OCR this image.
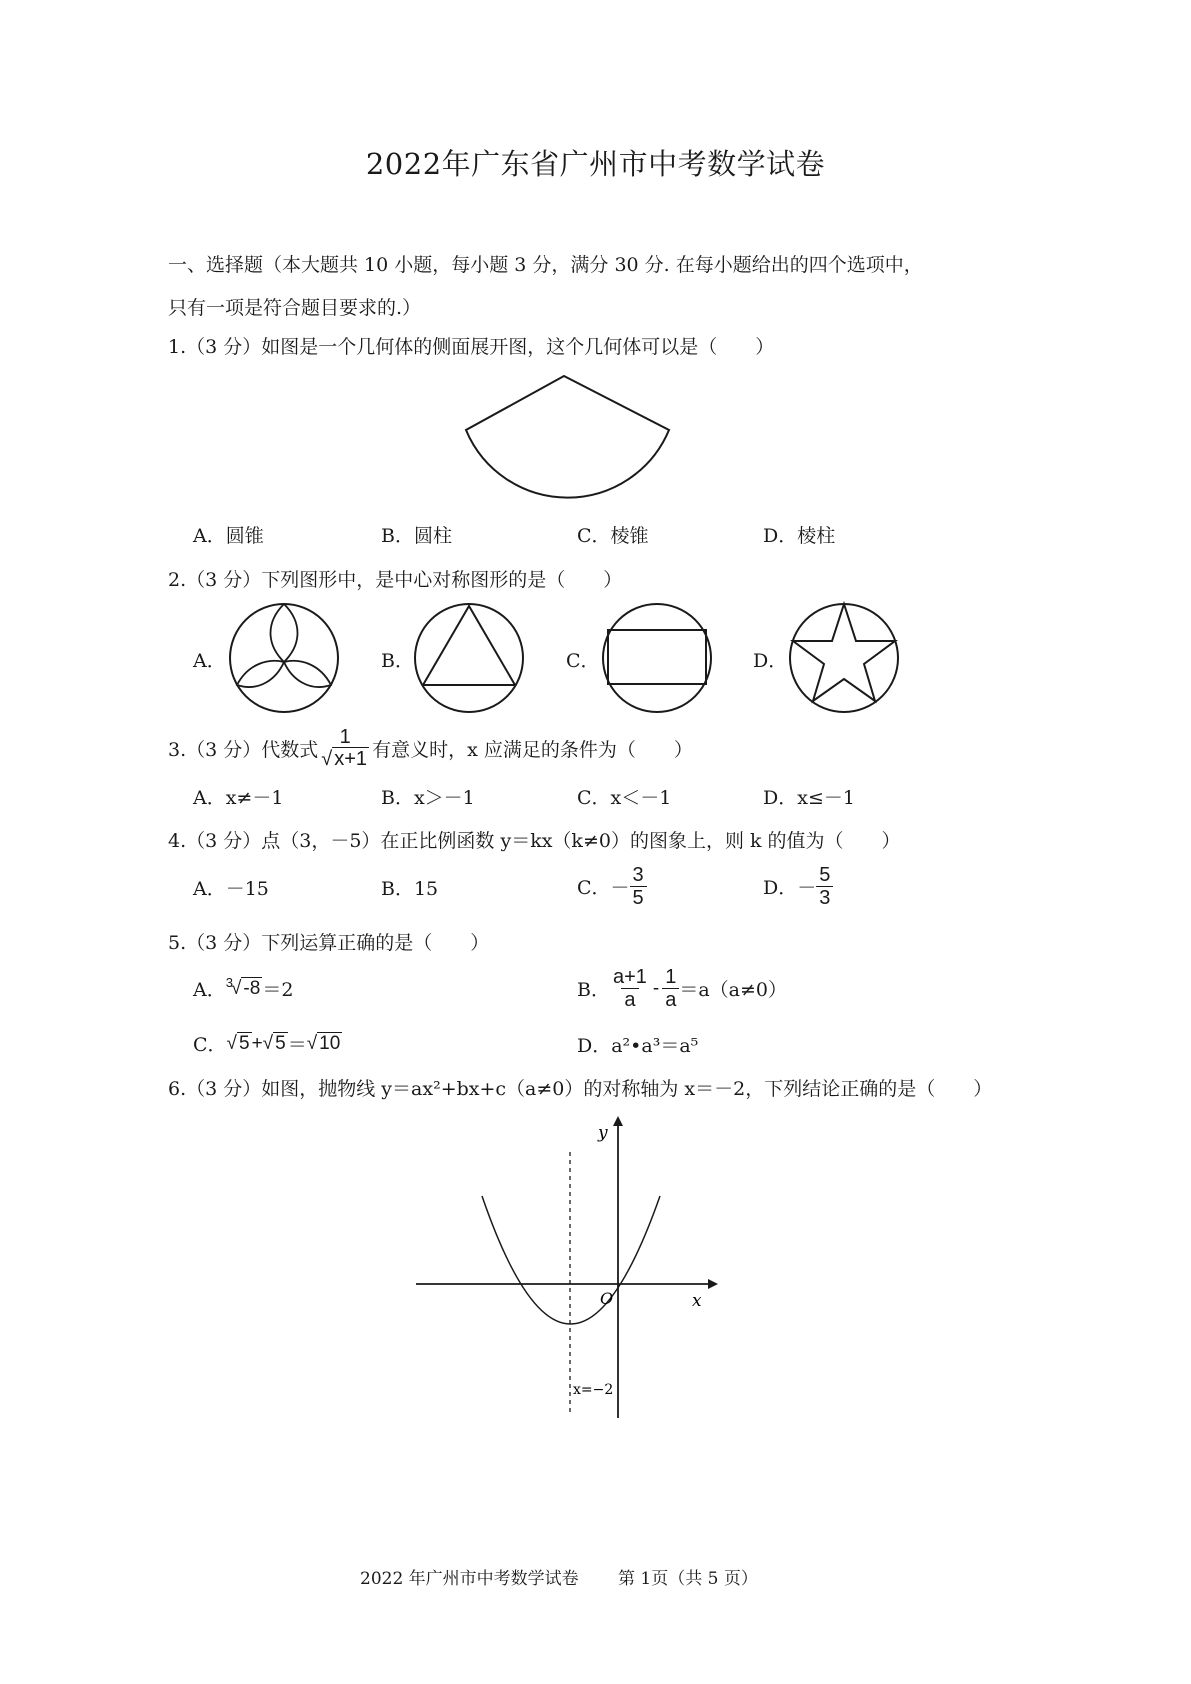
2022年广东省广州市中考数学试卷
一、选择题（本大题共 10 小题，每小题 3 分，满分 30 分. 在每小题给出的四个选项中，
只有一项是符合题目要求的.）
1.（3 分）如图是一个几何体的侧面展开图，这个几何体可以是（　　）
A．圆锥	B．圆柱	C．棱锥	D．棱柱
2.（3 分）下列图形中，是中心对称图形的是（　　）
A．	B．	C．	D．
3.（3 分）代数式
1
√ x+1 有意义时，x 应满足的条件为（　　）
A．x≠－1	B．x＞－1	C．x＜－1	D．x≤－1
4.（3 分）点（3，－5）在正比例函数 y＝kx（k≠0）的图象上，则 k 的值为（　　）
A．－15	B．15	C．－ $\frac{3}{5}$	D．－ $\frac{5}{3}$
5.（3 分）下列运算正确的是（　　）
A．$^3$
√ -8 ＝2	B． $\frac{a+1}{a} - \frac{1}{a} =a(a\ne 0)$
C． √ 5 + √ 5 ＝ √ 10	D．a²•a³＝a⁵
6.（3 分）如图，抛物线 y＝ax²+bx+c（a≠0）的对称轴为 x＝－2，下列结论正确的是（　　）
y
x
O
x=−2
2022 年广州市中考数学试卷 第 1页（共 5 页）
